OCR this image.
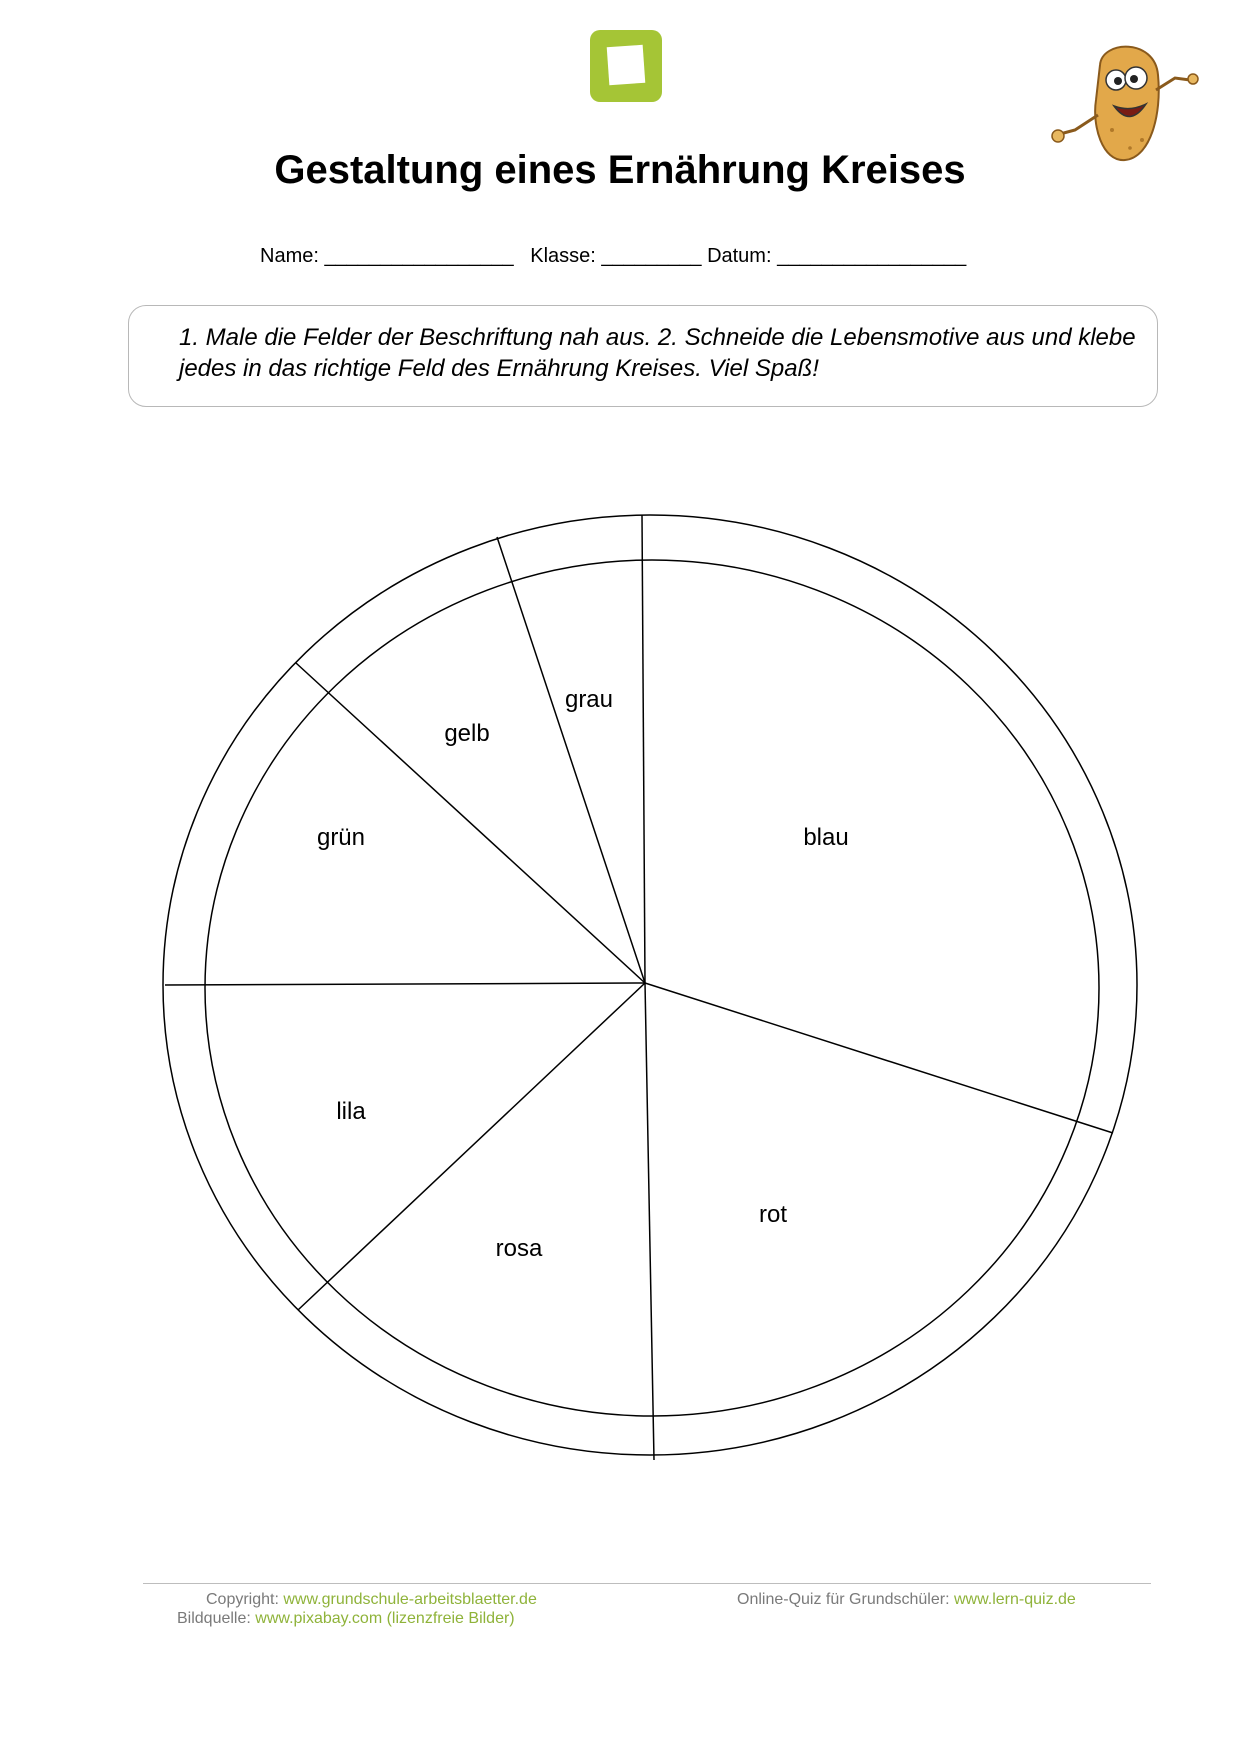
Gestaltung eines Ernährung Kreises
Name: _________________ Klasse: _________ Datum: _________________
1. Male die Felder der Beschriftung nah aus. 2. Schneide die Lebensmotive aus und klebe jedes in das richtige Feld des Ernährung Kreises. Viel Spaß!
blau
rot
rosa
lila
grün
gelb
grau
Copyright: www.grundschule-arbeitsblaetter.de
Bildquelle: www.pixabay.com (lizenzfreie Bilder)
Online-Quiz für Grundschüler: www.lern-quiz.de
